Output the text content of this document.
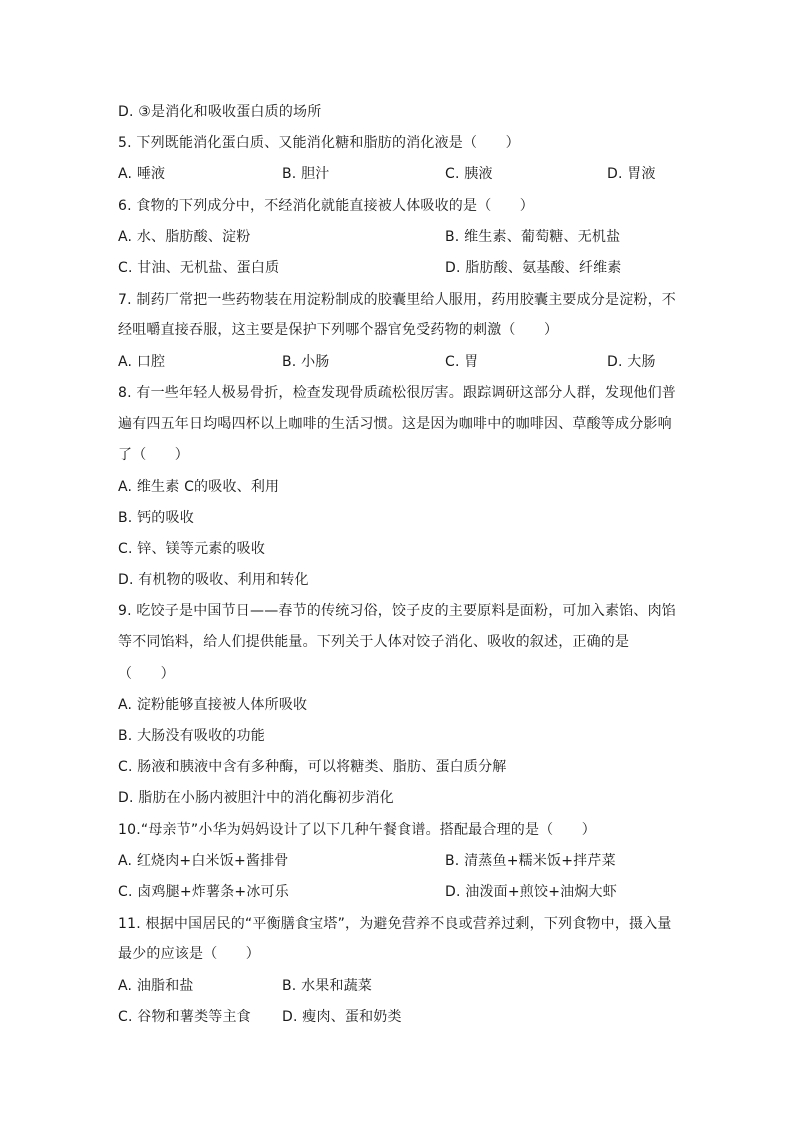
D. ③是消化和吸收蛋白质的场所
5. 下列既能消化蛋白质、又能消化糖和脂肪的消化液是（　　）
A. 唾液	B. 胆汁	C. 胰液	D. 胃液
6. 食物的下列成分中，不经消化就能直接被人体吸收的是（　　）
A. 水、脂肪酸、淀粉	B. 维生素、葡萄糖、无机盐
C. 甘油、无机盐、蛋白质	D. 脂肪酸、氨基酸、纤维素
7. 制药厂常把一些药物装在用淀粉制成的胶囊里给人服用，药用胶囊主要成分是淀粉，不
经咀嚼直接吞服，这主要是保护下列哪个器官免受药物的刺激（　　）
A. 口腔	B. 小肠	C. 胃	D. 大肠
8. 有一些年轻人极易骨折，检查发现骨质疏松很厉害。跟踪调研这部分人群，发现他们普
遍有四五年日均喝四杯以上咖啡的生活习惯。这是因为咖啡中的咖啡因、草酸等成分影响
了（　　）
A. 维生素 C的吸收、利用
B. 钙的吸收
C. 锌、镁等元素的吸收
D. 有机物的吸收、利用和转化
9. 吃饺子是中国节日——春节的传统习俗，饺子皮的主要原料是面粉，可加入素馅、肉馅
等不同馅料，给人们提供能量。下列关于人体对饺子消化、吸收的叙述，正确的是
（　　）
A. 淀粉能够直接被人体所吸收
B. 大肠没有吸收的功能
C. 肠液和胰液中含有多种酶，可以将糖类、脂肪、蛋白质分解
D. 脂肪在小肠内被胆汁中的消化酶初步消化
10.“母亲节”小华为妈妈设计了以下几种午餐食谱。搭配最合理的是（　　）
A. 红烧肉+白米饭+酱排骨	B. 清蒸鱼+糯米饭+拌芹菜
C. 卤鸡腿+炸薯条+冰可乐	D. 油泼面+煎饺+油焖大虾
11. 根据中国居民的“平衡膳食宝塔”，为避免营养不良或营养过剩，下列食物中，摄入量
最少的应该是（　　）
A. 油脂和盐	B. 水果和蔬菜
C. 谷物和薯类等主食 D. 瘦肉、蛋和奶类
